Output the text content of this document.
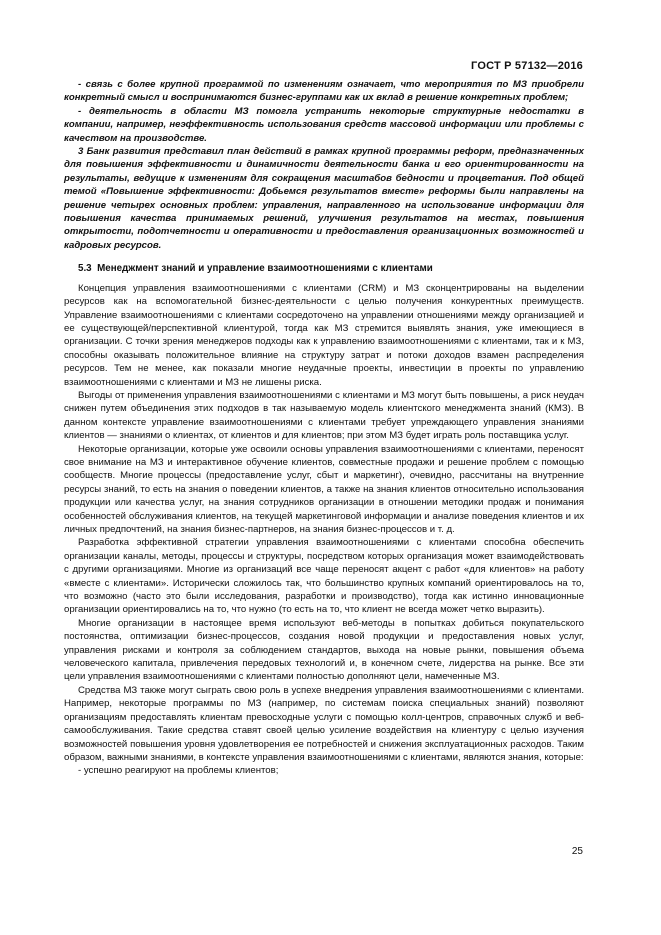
ГОСТ Р 57132—2016

- связь с более крупной программой по изменениям означает, что мероприятия по МЗ приобрели конкретный смысл и воспринимаются бизнес-группами как их вклад в решение конкретных проблем;

- деятельность в области МЗ помогла устранить некоторые структурные недостатки в компании, например, неэффективность использования средств массовой информации или проблемы с качеством на производстве.

3 Банк развития представил план действий в рамках крупной программы реформ, предназначенных для повышения эффективности и динамичности деятельности банка и его ориентированности на результаты, ведущие к изменениям для сокращения масштабов бедности и процветания. Под общей темой «Повышение эффективности: Добьемся результатов вместе» реформы были направлены на решение четырех основных проблем: управления, направленного на использование информации для повышения качества принимаемых решений, улучшения результатов на местах, повышения открытости, подотчетности и оперативности и предоставления организационных возможностей и кадровых ресурсов.

5.3 Менеджмент знаний и управление взаимоотношениями с клиентами

Концепция управления взаимоотношениями с клиентами (CRM) и МЗ сконцентрированы на выделении ресурсов как на вспомогательной бизнес-деятельности с целью получения конкурентных преимуществ. Управление взаимоотношениями с клиентами сосредоточено на управлении отношениями между организацией и ее существующей/перспективной клиентурой, тогда как МЗ стремится выявлять знания, уже имеющиеся в организации. С точки зрения менеджеров подходы как к управлению взаимоотношениями с клиентами, так и к МЗ, способны оказывать положительное влияние на структуру затрат и потоки доходов взамен распределения ресурсов. Тем не менее, как показали многие неудачные проекты, инвестиции в проекты по управлению взаимоотношениями с клиентами и МЗ не лишены риска.

Выгоды от применения управления взаимоотношениями с клиентами и МЗ могут быть повышены, а риск неудач снижен путем объединения этих подходов в так называемую модель клиентского менеджмента знаний (КМЗ). В данном контексте управление взаимоотношениями с клиентами требует упреждающего управления знаниями клиентов — знаниями о клиентах, от клиентов и для клиентов; при этом МЗ будет играть роль поставщика услуг.

Некоторые организации, которые уже освоили основы управления взаимоотношениями с клиентами, переносят свое внимание на МЗ и интерактивное обучение клиентов, совместные продажи и решение проблем с помощью сообществ. Многие процессы (предоставление услуг, сбыт и маркетинг), очевидно, рассчитаны на внутренние ресурсы знаний, то есть на знания о поведении клиентов, а также на знания клиентов относительно использования продукции или качества услуг, на знания сотрудников организации в отношении методики продаж и понимания особенностей обслуживания клиентов, на текущей маркетинговой информации и анализе поведения клиентов и их личных предпочтений, на знания бизнес-партнеров, на знания бизнес-процессов и т. д.

Разработка эффективной стратегии управления взаимоотношениями с клиентами способна обеспечить организации каналы, методы, процессы и структуры, посредством которых организация может взаимодействовать с другими организациями. Многие из организаций все чаще переносят акцент с работ «для клиентов» на работу «вместе с клиентами». Исторически сложилось так, что большинство крупных компаний ориентировалось на то, что возможно (часто это были исследования, разработки и производство), тогда как истинно инновационные организации ориентировались на то, что нужно (то есть на то, что клиент не всегда может четко выразить).

Многие организации в настоящее время используют веб-методы в попытках добиться покупательского постоянства, оптимизации бизнес-процессов, создания новой продукции и предоставления новых услуг, управления рисками и контроля за соблюдением стандартов, выхода на новые рынки, повышения объема человеческого капитала, привлечения передовых технологий и, в конечном счете, лидерства на рынке. Все эти цели управления взаимоотношениями с клиентами полностью дополняют цели, намеченные МЗ.

Средства МЗ также могут сыграть свою роль в успехе внедрения управления взаимоотношениями с клиентами. Например, некоторые программы по МЗ (например, по системам поиска специальных знаний) позволяют организациям предоставлять клиентам превосходные услуги с помощью колл-центров, справочных служб и веб-самообслуживания. Такие средства ставят своей целью усиление воздействия на клиентуру с целью изучения возможностей повышения уровня удовлетворения ее потребностей и снижения эксплуатационных расходов. Таким образом, важными знаниями, в контексте управления взаимоотношениями с клиентами, являются знания, которые:

- успешно реагируют на проблемы клиентов;

25
